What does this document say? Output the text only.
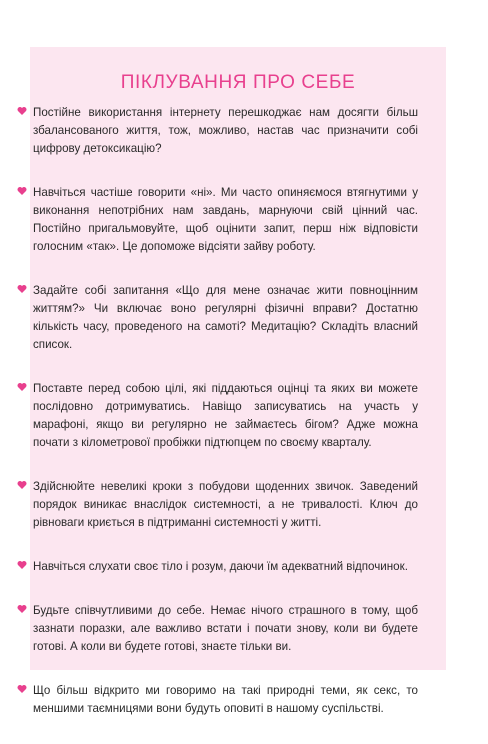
ПІКЛУВАННЯ ПРО СЕБЕ
Постійне використання інтернету перешкоджає нам досягти більш збалансованого життя, тож, можливо, настав час призначити собі цифрову детоксикацію?
Навчіться частіше говорити «ні». Ми часто опиняємося втягнутими у виконання непотрібних нам завдань, марнуючи свій цінний час. Постійно пригальмовуйте, щоб оцінити запит, перш ніж відповісти голосним «так». Це допоможе відсіяти зайву роботу.
Задайте собі запитання «Що для мене означає жити повноцінним життям?» Чи включає воно регулярні фізичні вправи? Достатню кількість часу, проведеного на самоті? Медитацію? Складіть власний список.
Поставте перед собою цілі, які піддаються оцінці та яких ви можете послідовно дотримуватись. Навіщо записуватись на участь у марафоні, якщо ви регулярно не займаєтесь бігом? Адже можна почати з кілометрової пробіжки підтюпцем по своєму кварталу.
Здійснюйте невеликі кроки з побудови щоденних звичок. Заведений порядок виникає внаслідок системності, а не тривалості. Ключ до рівноваги криється в підтриманні системності у житті.
Навчіться слухати своє тіло і розум, даючи їм адекватний відпочинок.
Будьте співчутливими до себе. Немає нічого страшного в тому, щоб зазнати поразки, але важливо встати і почати знову, коли ви будете готові. А коли ви будете готові, знаєте тільки ви.
Що більш відкрито ми говоримо на такі природні теми, як секс, то меншими таємницями вони будуть оповиті в нашому суспільстві.
